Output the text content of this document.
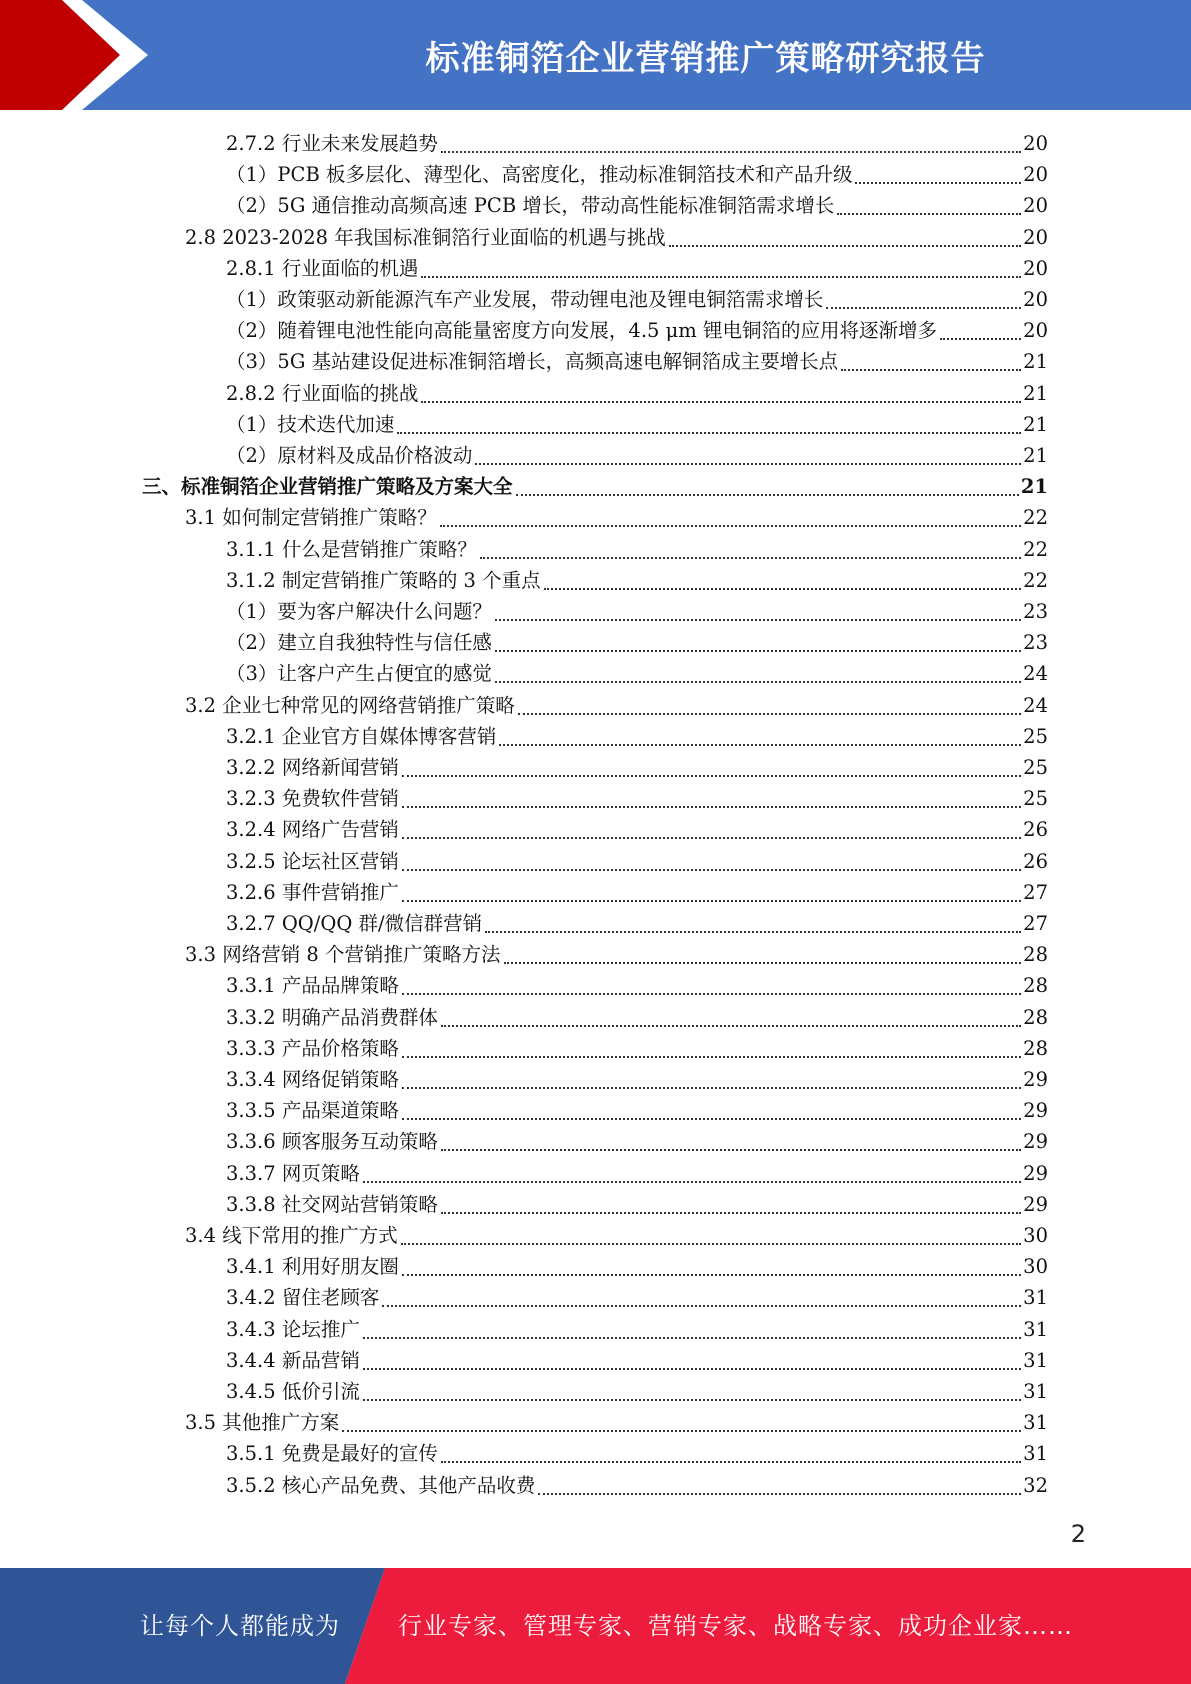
标准铜箔企业营销推广策略研究报告
2.7.2 行业未来发展趋势	20
（1）PCB 板多层化、薄型化、高密度化，推动标准铜箔技术和产品升级	20
（2）5G 通信推动高频高速 PCB 增长，带动高性能标准铜箔需求增长	20
2.8 2023-2028 年我国标准铜箔行业面临的机遇与挑战	20
2.8.1 行业面临的机遇	20
（1）政策驱动新能源汽车产业发展，带动锂电池及锂电铜箔需求增长	20
（2）随着锂电池性能向高能量密度方向发展，4.5 μm 锂电铜箔的应用将逐渐增多	20
（3）5G 基站建设促进标准铜箔增长，高频高速电解铜箔成主要增长点	21
2.8.2 行业面临的挑战	21
（1）技术迭代加速	21
（2）原材料及成品价格波动	21
三、标准铜箔企业营销推广策略及方案大全	21
3.1 如何制定营销推广策略？	22
3.1.1 什么是营销推广策略？	22
3.1.2 制定营销推广策略的 3 个重点	22
（1）要为客户解决什么问题？	23
（2）建立自我独特性与信任感	23
（3）让客户产生占便宜的感觉	24
3.2 企业七种常见的网络营销推广策略	24
3.2.1 企业官方自媒体博客营销	25
3.2.2 网络新闻营销	25
3.2.3 免费软件营销	25
3.2.4 网络广告营销	26
3.2.5 论坛社区营销	26
3.2.6 事件营销推广	27
3.2.7 QQ/QQ 群/微信群营销	27
3.3 网络营销 8 个营销推广策略方法	28
3.3.1 产品品牌策略	28
3.3.2 明确产品消费群体	28
3.3.3 产品价格策略	28
3.3.4 网络促销策略	29
3.3.5 产品渠道策略	29
3.3.6 顾客服务互动策略	29
3.3.7 网页策略	29
3.3.8 社交网站营销策略	29
3.4 线下常用的推广方式	30
3.4.1 利用好朋友圈	30
3.4.2 留住老顾客	31
3.4.3 论坛推广	31
3.4.4 新品营销	31
3.4.5 低价引流	31
3.5 其他推广方案	31
3.5.1 免费是最好的宣传	31
3.5.2 核心产品免费、其他产品收费	32
2
让每个人都能成为 行业专家、管理专家、营销专家、战略专家、成功企业家……
